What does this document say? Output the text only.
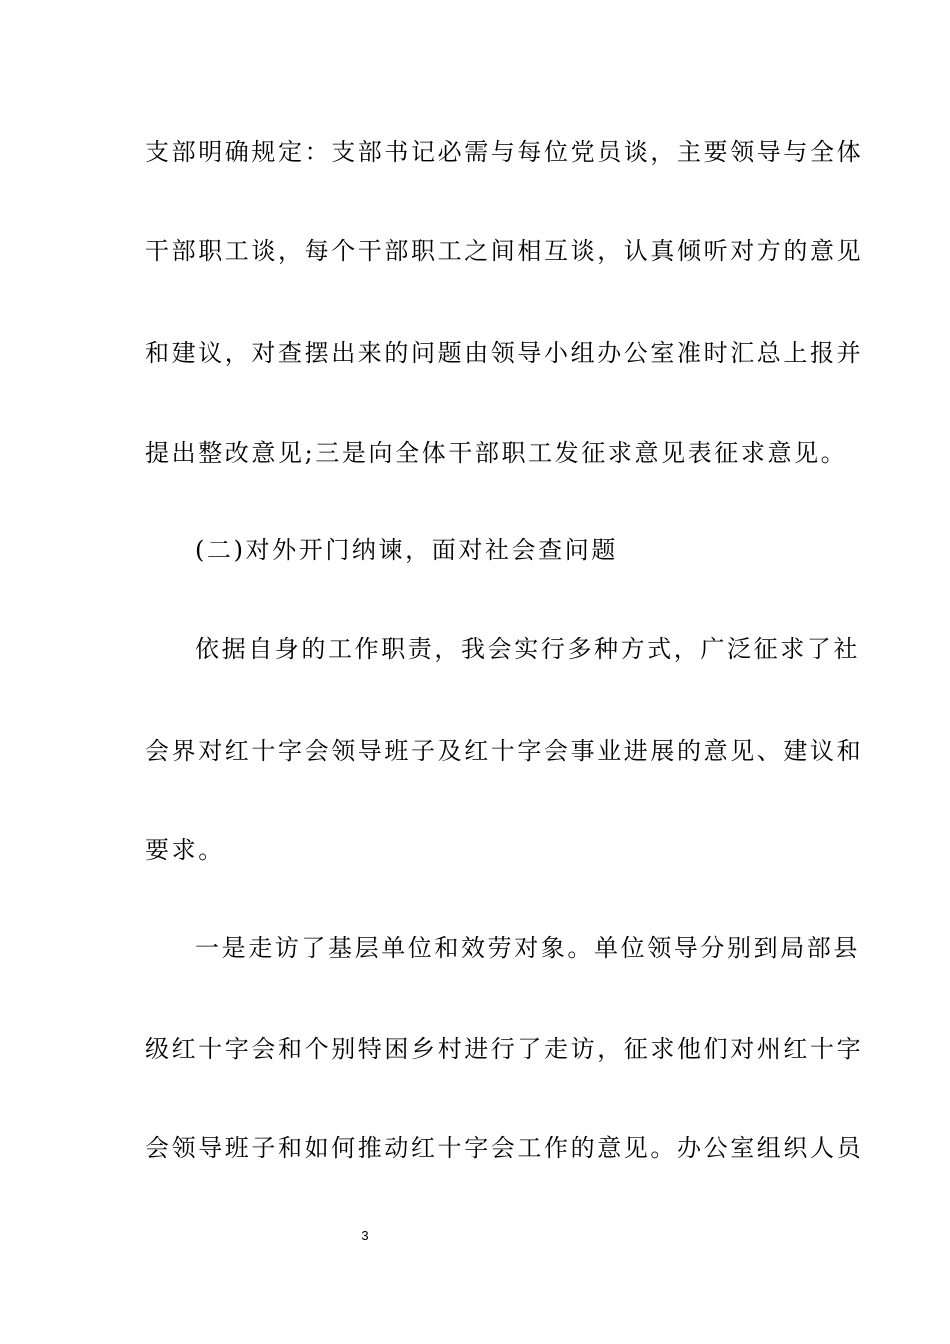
支部明确规定：支部书记必需与每位党员谈，主要领导与全体
干部职工谈，每个干部职工之间相互谈，认真倾听对方的意见
和建议，对查摆出来的问题由领导小组办公室准时汇总上报并
提出整改意见;三是向全体干部职工发征求意见表征求意见。
(二)对外开门纳谏，面对社会查问题
依据自身的工作职责，我会实行多种方式，广泛征求了社
会界对红十字会领导班子及红十字会事业进展的意见、建议和
要求。
一是走访了基层单位和效劳对象。单位领导分别到局部县
级红十字会和个别特困乡村进行了走访，征求他们对州红十字
会领导班子和如何推动红十字会工作的意见。办公室组织人员
3
